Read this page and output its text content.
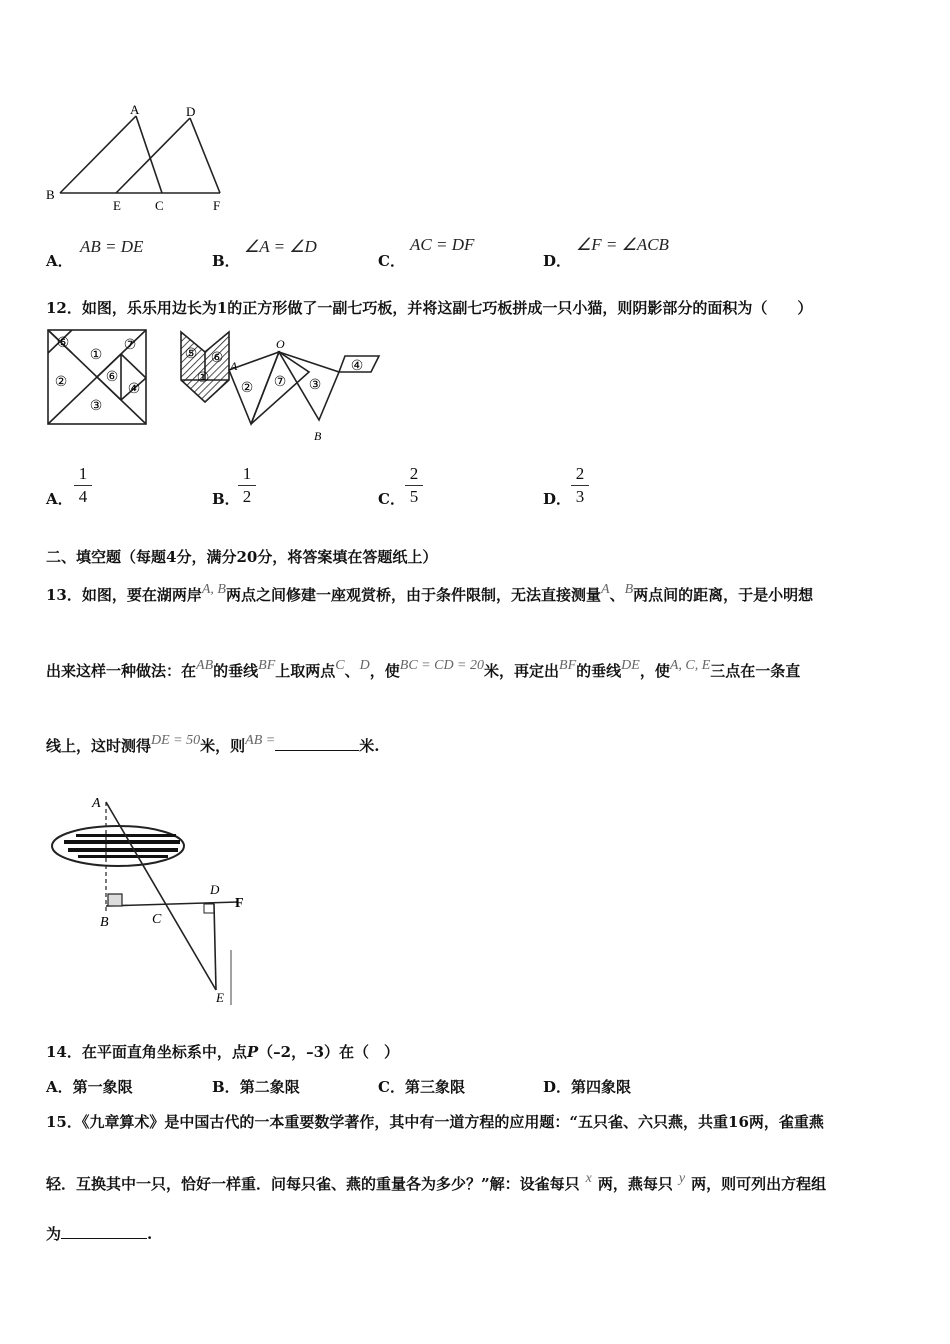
A	D
B
E	C	F
A．
AB = DE
B．
∠A = ∠D
C．
AC = DF
D．
∠F = ∠ACB
12．如图，乐乐用边长为1的正方形做了一副七巧板，并将这副七巧板拼成一只小猫，则阴影部分的面积为（　　）
⑤
①
⑦
②	⑥
④
③
⑤ ⑥
①
A
O
② ⑦ ③
④
B
A．
1
4	B．
1
2	C．
2
5	D．
2
3
二、填空题（每题4分，满分20分，将答案填在答题纸上）
13．如图，要在湖两岸A, B两点之间修建一座观赏桥，由于条件限制，无法直接测量A、B两点间的距离，于是小明想
出来这样一种做法：在AB的垂线BF上取两点C、D，使BC = CD = 20米，再定出BF的垂线DE，使A, C, E三点在一条直
线上，这时测得DE = 50米，则AB =	米.
A
B	C
D
F
E
14．在平面直角坐标系中，点P（–2，–3）在（　）
A．第一象限	B．第二象限	C．第三象限	D．第四象限
15．《九章算术》是中国古代的一本重要数学著作，其中有一道方程的应用题：“五只雀、六只燕，共重16两，雀重燕
轻．互换其中一只，恰好一样重．问每只雀、燕的重量各为多少？”解：设雀每只 x 两，燕每只 y 两，则可列出方程组
为	.
